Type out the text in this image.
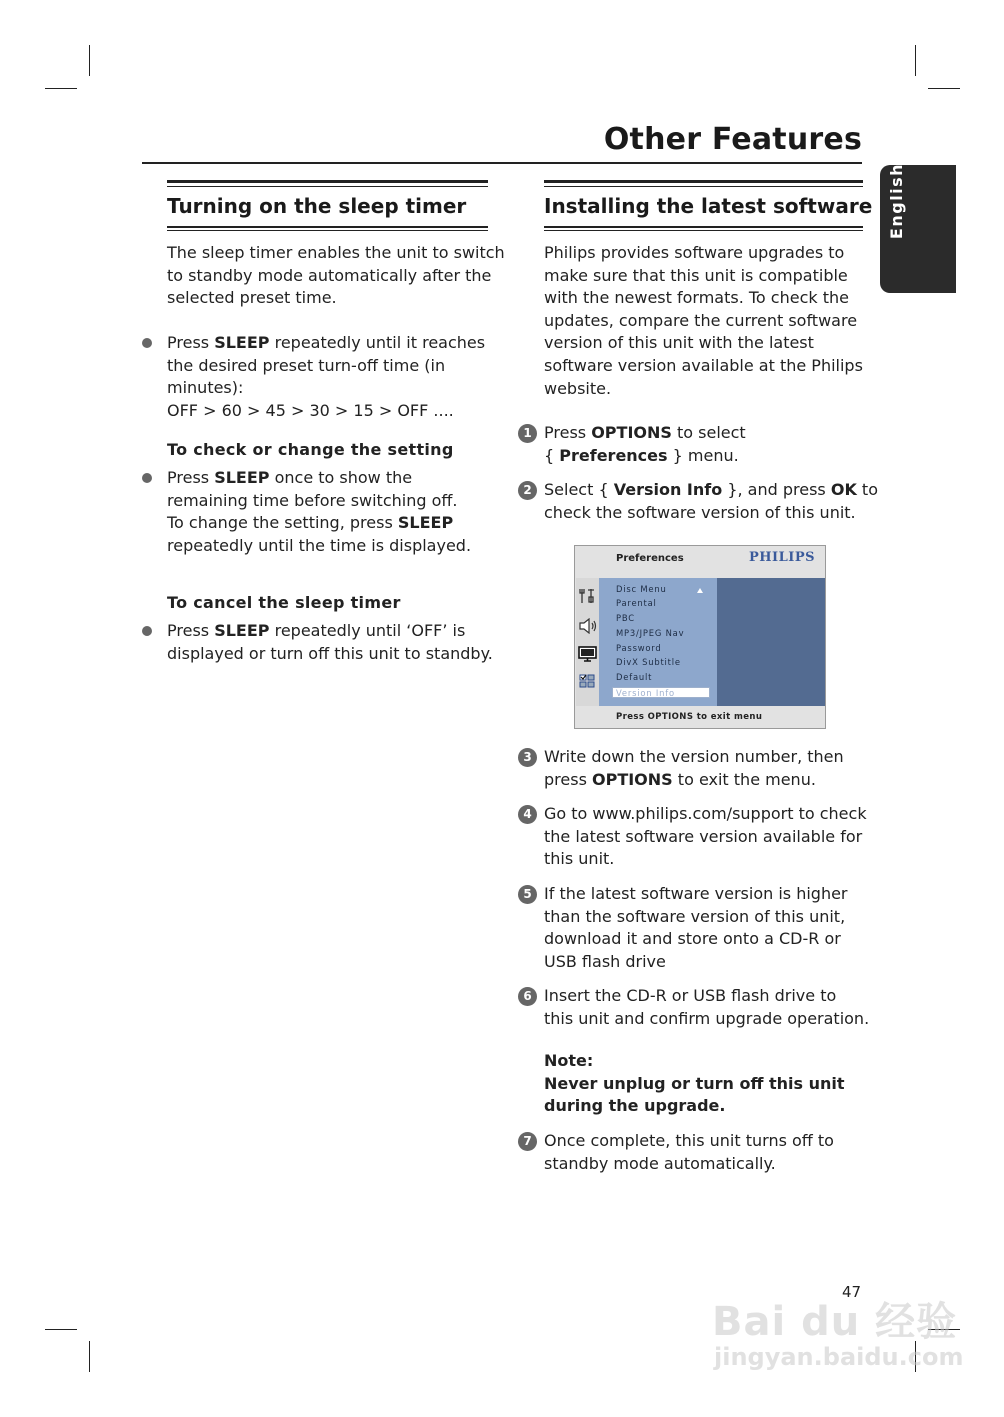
Other Features
English
Turning on the sleep timer
The sleep timer enables the unit to switch
to standby mode automatically after the
selected preset time.
Press SLEEP repeatedly until it reaches
the desired preset turn-off time (in
minutes):
OFF > 60 > 45 > 30 > 15 > OFF ....
To check or change the setting
Press SLEEP once to show the
remaining time before switching off.
To change the setting, press SLEEP
repeatedly until the time is displayed.
To cancel the sleep timer
Press SLEEP repeatedly until ‘OFF’ is
displayed or turn off this unit to standby.
Installing the latest software
Philips provides software upgrades to
make sure that this unit is compatible
with the newest formats. To check the
updates, compare the current software
version of this unit with the latest
software version available at the Philips
website.
1 Press OPTIONS to select
{ Preferences } menu.
2 Select { Version Info }, and press OK to
check the software version of this unit.
Preferences	PHILIPS
Disc Menu
Parental
PBC
MP3/JPEG Nav
Password
DivX Subtitle
Default
Version Info
Press OPTIONS to exit menu
3 Write down the version number, then
press OPTIONS to exit the menu.
4 Go to www.philips.com/support to check
the latest software version available for
this unit.
5 If the latest software version is higher
than the software version of this unit,
download it and store onto a CD-R or
USB flash drive
6 Insert the CD-R or USB flash drive to
this unit and confirm upgrade operation.
Note:
Never unplug or turn off this unit
during the upgrade.
7 Once complete, this unit turns off to
standby mode automatically.
47
Bai du 经验
jingyan.baidu.com
